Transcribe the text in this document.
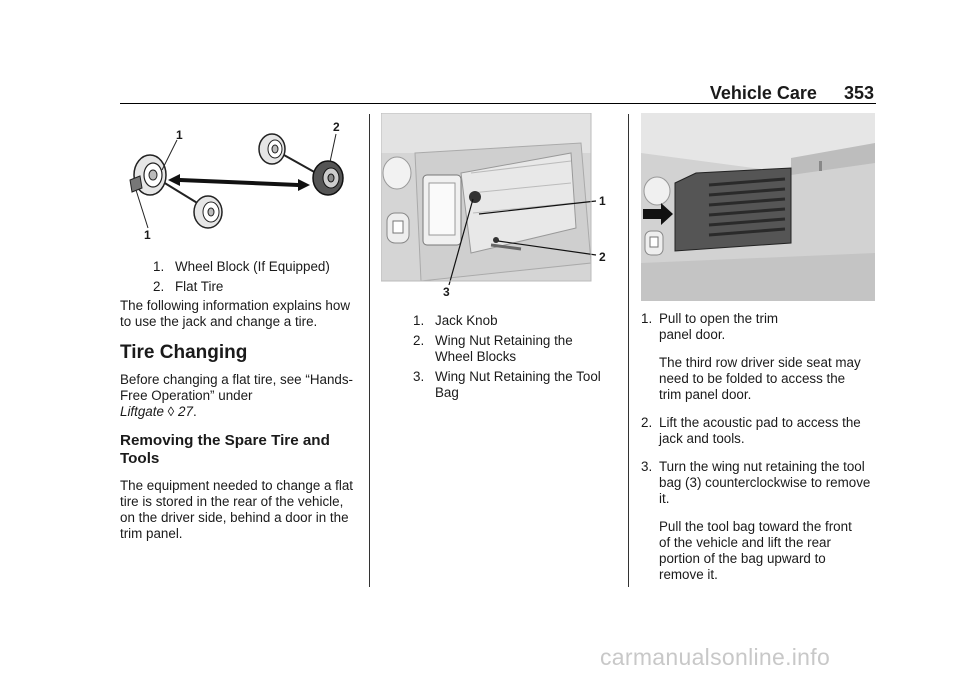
Vehicle Care 353
1
2
1
1. Wheel Block (If Equipped)
2. Flat Tire

The following information explains how to use the jack and change a tire.

Tire Changing

Before changing a flat tire, see “Hands-Free Operation” under
Liftgate ◊ 27.

Removing the Spare Tire and Tools

The equipment needed to change a flat tire is stored in the rear of the vehicle, on the driver side, behind a door in the trim panel.

1
2
3
1. Jack Knob
2. Wing Nut Retaining the Wheel Blocks
3. Wing Nut Retaining the Tool Bag
1. Pull to open the trim panel door.

The third row driver side seat may need to be folded to access the trim panel door.

2. Lift the acoustic pad to access the jack and tools.

3. Turn the wing nut retaining the tool bag (3) counterclockwise to remove it.

Pull the tool bag toward the front of the vehicle and lift the rear portion of the bag upward to remove it.

carmanualsonline.info
